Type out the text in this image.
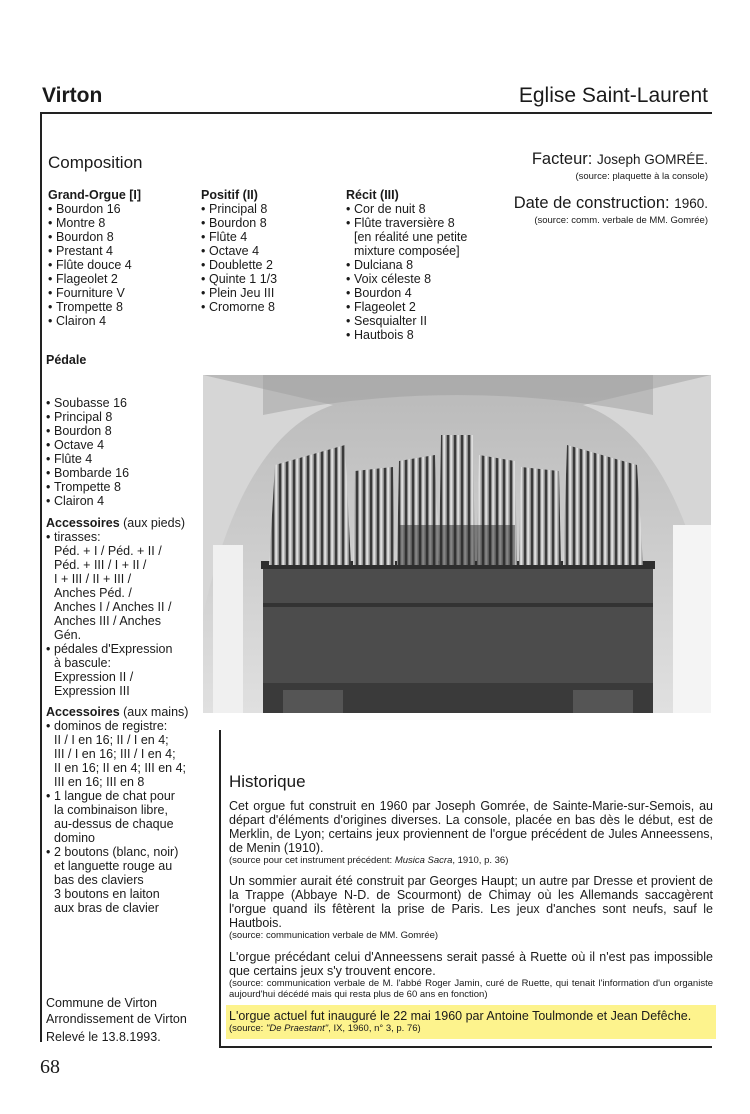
Virton	Eglise Saint-Laurent
Composition
Grand-Orgue [I]
• Bourdon 16
• Montre 8
• Bourdon 8
• Prestant 4
• Flûte douce 4
• Flageolet 2
• Fourniture V
• Trompette 8
• Clairon 4
Positif (II)
• Principal 8
• Bourdon 8
• Flûte 4
• Octave 4
• Doublette 2
• Quinte 1 1/3
• Plein Jeu III
• Cromorne 8
Récit (III)
• Cor de nuit 8
• Flûte traversière 8
[en réalité une petite
mixture composée]
• Dulciana 8
• Voix céleste 8
• Bourdon 4
• Flageolet 2
• Sesquialter II
• Hautbois 8
Facteur: Joseph GOMRÉE.
(source: plaquette à la console)
Date de construction: 1960.
(source: comm. verbale de MM. Gomrée)
Pédale
• Soubasse 16
• Principal 8
• Bourdon 8
• Octave 4
• Flûte 4
• Bombarde 16
• Trompette 8
• Clairon 4
Accessoires (aux pieds)
• tirasses:
Péd. + I / Péd. + II /
Péd. + III / I + II /
I + III / II + III /
Anches Péd. /
Anches I / Anches II /
Anches III / Anches
Gén.
• pédales d'Expression
à bascule:
Expression II /
Expression III
Accessoires (aux mains)
• dominos de registre:
II / I en 16; II / I en 4;
III / I en 16; III / I en 4;
II en 16; II en 4; III en 4;
III en 16; III en 8
• 1 langue de chat pour
la combinaison libre,
au-dessus de chaque
domino
• 2 boutons (blanc, noir)
et languette rouge au
bas des claviers
3 boutons en laiton
aux bras de clavier
Historique
Cet orgue fut construit en 1960 par Joseph Gomrée, de Sainte-Marie-sur-Semois, au départ d'éléments d'origines diverses. La console, placée en bas dès le début, est de Merklin, de Lyon; certains jeux proviennent de l'orgue précédent de Jules Anneessens, de Menin (1910).
(source pour cet instrument précédent: Musica Sacra, 1910, p. 36)
Un sommier aurait été construit par Georges Haupt; un autre par Dresse et provient de la Trappe (Abbaye N-D. de Scourmont) de Chimay où les Allemands saccagèrent l'orgue quand ils fêtèrent la prise de Paris. Les jeux d'anches sont neufs, sauf le Hautbois.
(source: communication verbale de MM. Gomrée)
L'orgue précédant celui d'Anneessens serait passé à Ruette où il n'est pas impossible que certains jeux s'y trouvent encore.
(source: communication verbale de M. l'abbé Roger Jamin, curé de Ruette, qui tenait l'information d'un organiste aujourd'hui décédé mais qui resta plus de 60 ans en fonction)
L'orgue actuel fut inauguré le 22 mai 1960 par Antoine Toulmonde et Jean Defêche.
(source: "De Praestant", IX, 1960, n° 3, p. 76)
Commune de Virton
Arrondissement de Virton
Relevé le 13.8.1993.
68
